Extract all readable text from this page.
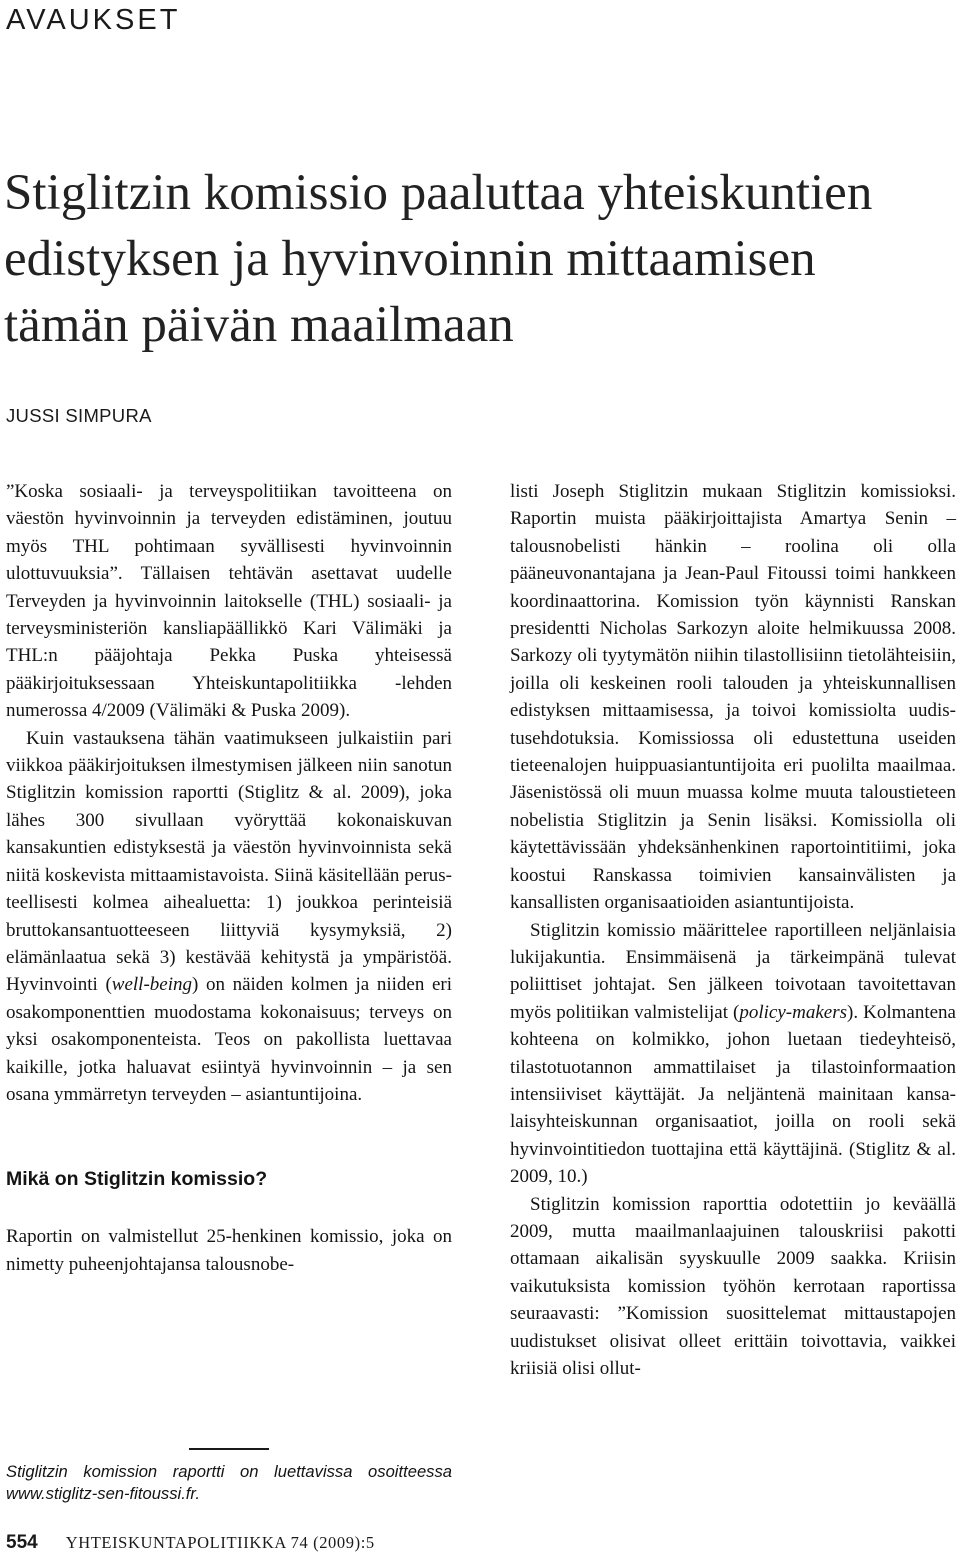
AVAUKSET
Stiglitzin komissio paaluttaa yhteiskuntien
edistyksen ja hyvinvoinnin mittaamisen
tämän päivän maailmaan
JUSSI SIMPURA

”Koska sosiaali- ja terveyspolitiikan tavoitteena on väestön hyvinvoinnin ja terveyden edistäminen, joutuu myös THL pohtimaan syvällisesti hyvinvoinnin ulottuvuuksia”. Tällaisen tehtävän asettavat uudelle Terveyden ja hyvinvoinnin laitokselle (THL) sosiaali- ja terveysministeriön kansliapäällikkö Kari Välimäki ja THL:n pääjohtaja Pekka Puska yhteisessä pääkirjoituksessaan Yhteiskuntapolitiikka -lehden numerossa 4/2009 (Välimäki & Puska 2009).

Kuin vastauksena tähän vaatimukseen julkaistiin pari viikkoa pääkirjoituksen ilmestymisen jälkeen niin sanotun Stiglitzin komission raportti (Stiglitz & al. 2009), joka lähes 300 sivullaan vyöryttää kokonaiskuvan kansakuntien edistyksestä ja väestön hyvinvoinnista sekä niitä koskevista mittaamistavoista. Siinä käsitellään perusteellisesti kolmea aihealuetta: 1) joukkoa perinteisiä bruttokansantuotteeseen liittyviä kysymyksiä, 2) elämänlaatua sekä 3) kestävää kehitystä ja ympäristöä. Hyvinvointi (well-being) on näiden kolmen ja niiden eri osakomponenttien muodostama kokonaisuus; terveys on yksi osakomponenteista. Teos on pakollista luettavaa kaikille, jotka haluavat esiintyä hyvinvoinnin – ja sen osana ymmärretyn terveyden – asiantuntijoina.

Mikä on Stiglitzin komissio?

Raportin on valmistellut 25-henkinen komissio, joka on nimetty puheenjohtajansa talousnobe-

listi Joseph Stiglitzin mukaan Stiglitzin komissioksi. Raportin muista pääkirjoittajista Amartya Senin – talousnobelisti hänkin – roolina oli olla pääneuvonantajana ja Jean-Paul Fitoussi toimi hankkeen koordinaattorina. Komission työn käynnisti Ranskan presidentti Nicholas Sarkozyn aloite helmikuussa 2008. Sarkozy oli tyytymätön niihin tilastollisiinn tietolähteisiin, joilla oli keskeinen rooli talouden ja yhteiskunnallisen edistyksen mittaamisessa, ja toivoi komissiolta uudistusehdotuksia. Komissiossa oli edustettuna useiden tieteenalojen huippuasiantuntijoita eri puolilta maailmaa. Jäsenistössä oli muun muassa kolme muuta taloustieteen nobelistia Stiglitzin ja Senin lisäksi. Komissiolla oli käytettävissään yhdeksänhenkinen raportointitiimi, joka koostui Ranskassa toimivien kansainvälisten ja kansallisten organisaatioiden asiantuntijoista.

Stiglitzin komissio määrittelee raportilleen neljänlaisia lukijakuntia. Ensimmäisenä ja tärkeimpänä tulevat poliittiset johtajat. Sen jälkeen toivotaan tavoitettavan myös politiikan valmistelijat (policy-makers). Kolmantena kohteena on kolmikko, johon luetaan tiedeyhteisö, tilastotuotannon ammattilaiset ja tilastoinformaation intensiiviset käyttäjät. Ja neljäntenä mainitaan kansalaisyhteiskunnan organisaatiot, joilla on rooli sekä hyvinvointitiedon tuottajina että käyttäjinä. (Stiglitz & al. 2009, 10.)

Stiglitzin komission raporttia odotettiin jo keväällä 2009, mutta maailmanlaajuinen talouskriisi pakotti ottamaan aikalisän syyskuulle 2009 saakka. Kriisin vaikutuksista komission työhön kerrotaan raportissa seuraavasti: ”Komission suosittelemat mittaustapojen uudistukset olisivat olleet erittäin toivottavia, vaikkei kriisiä olisi ollut-

Stiglitzin komission raportti on luettavissa osoitteessa www.stiglitz-sen-fitoussi.fr.
554 YHTEISKUNTAPOLITIIKKA 74 (2009):5
